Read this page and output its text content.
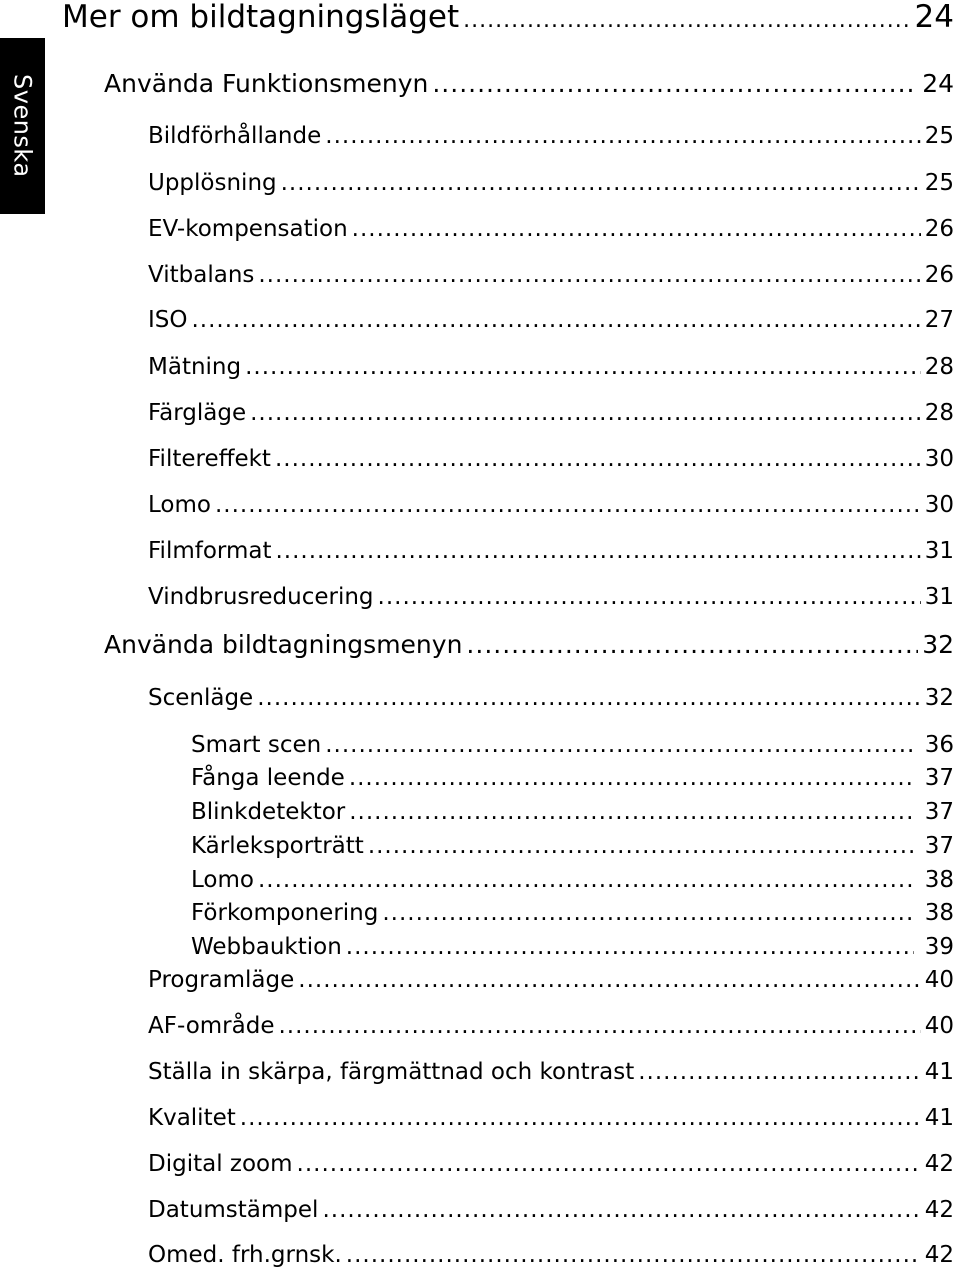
Svenska
Mer om bildtagningsläget .....	24
Använda Funktionsmenyn .....	24
Bildförhållande .....	25
Upplösning .....	25
EV-kompensation .....	26
Vitbalans .....	26
ISO .....	27
Mätning .....	28
Färgläge .....	28
Filtereffekt .....	30
Lomo .....	30
Filmformat .....	31
Vindbrusreducering .....	31
Använda bildtagningsmenyn .....	32
Scenläge .....	32
Smart scen .....	36
Fånga leende .....	37
Blinkdetektor .....	37
Kärleksporträtt .....	37
Lomo .....	38
Förkomponering .....	38
Webbauktion .....	39
Programläge .....	40
AF-område .....	40
Ställa in skärpa, färgmättnad och kontrast .....	41
Kvalitet .....	41
Digital zoom .....	42
Datumstämpel .....	42
Omed. frh.grnsk. .....	42
